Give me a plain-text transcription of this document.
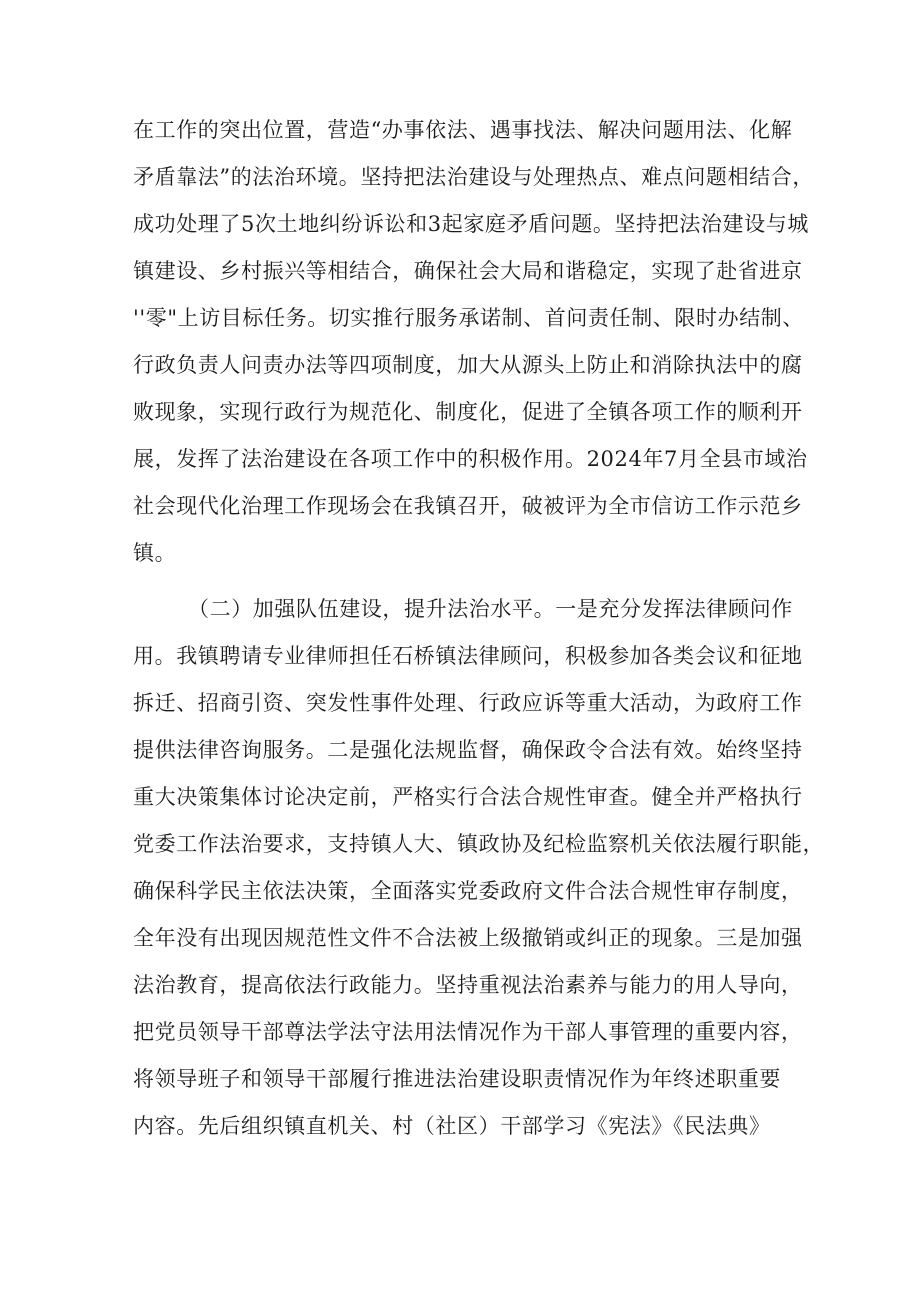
在工作的突出位置，营造“办事依法、遇事找法、解决问题用法、化解
矛盾靠法”的法治环境。坚持把法治建设与处理热点、难点问题相结合，
成功处理了5次土地纠纷诉讼和3起家庭矛盾问题。坚持把法治建设与城
镇建设、乡村振兴等相结合，确保社会大局和谐稳定，实现了赴省进京
''零"上访目标任务。切实推行服务承诺制、首问责任制、限时办结制、
行政负责人问责办法等四项制度，加大从源头上防止和消除执法中的腐
败现象，实现行政行为规范化、制度化，促进了全镇各项工作的顺利开
展，发挥了法治建设在各项工作中的积极作用。2024年7月全县市域治
社会现代化治理工作现场会在我镇召开，破被评为全市信访工作示范乡
镇。
（二）加强队伍建设，提升法治水平。一是充分发挥法律顾问作
用。我镇聘请专业律师担任石桥镇法律顾问，积极参加各类会议和征地
拆迁、招商引资、突发性事件处理、行政应诉等重大活动，为政府工作
提供法律咨询服务。二是强化法规监督，确保政令合法有效。始终坚持
重大决策集体讨论决定前，严格实行合法合规性审查。健全并严格执行
党委工作法治要求，支持镇人大、镇政协及纪检监察机关依法履行职能，
确保科学民主依法决策，全面落实党委政府文件合法合规性审存制度，
全年没有出现因规范性文件不合法被上级撤销或纠正的现象。三是加强
法治教育，提高依法行政能力。坚持重视法治素养与能力的用人导向，
把党员领导干部尊法学法守法用法情况作为干部人事管理的重要内容，
将领导班子和领导干部履行推进法治建设职责情况作为年终述职重要
内容。先后组织镇直机关、村（社区）干部学习《宪法》《民法典》
